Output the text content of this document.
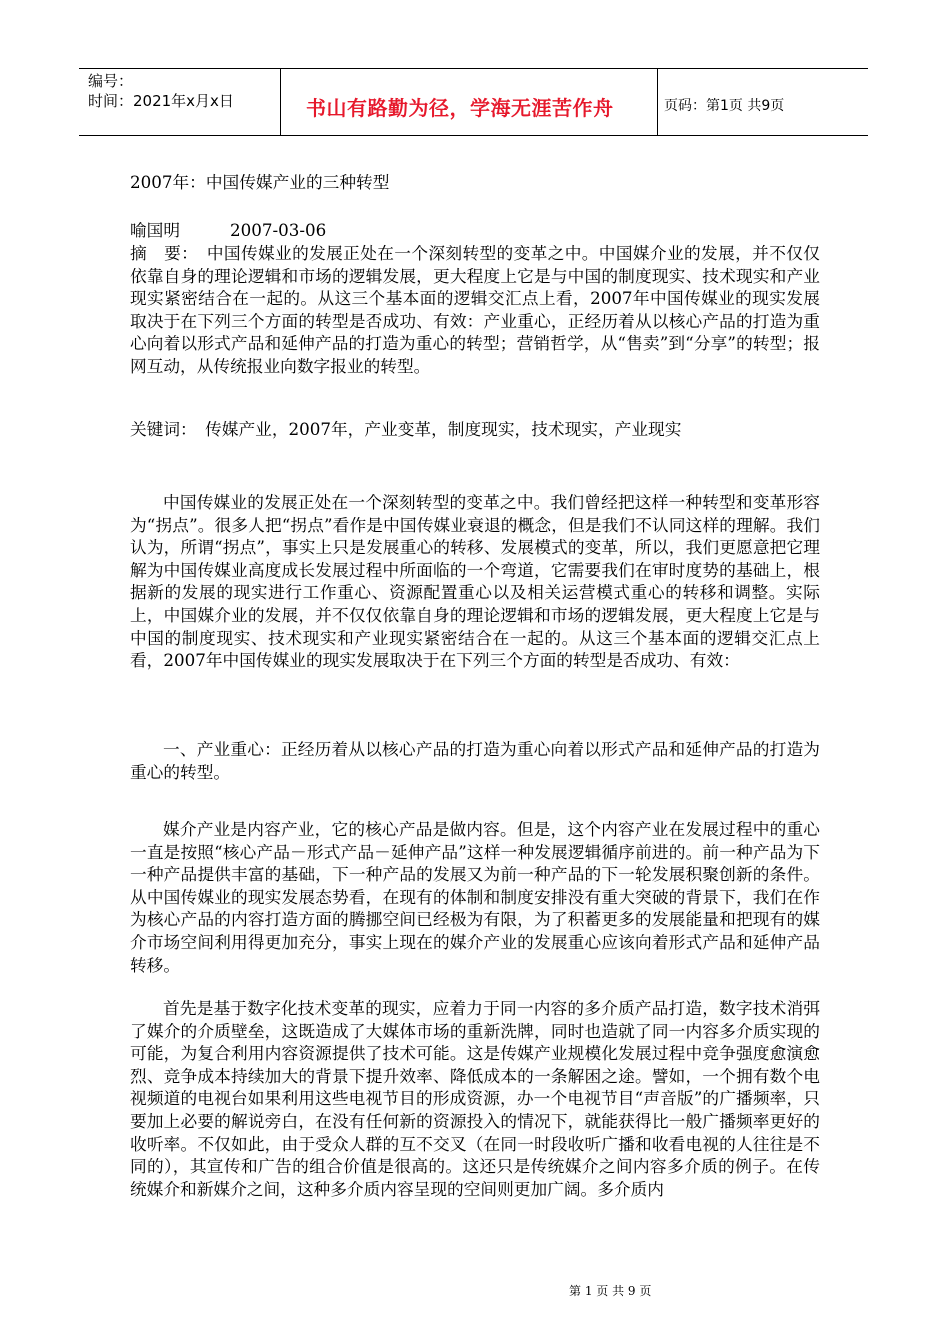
编号：
时间：2021年x月x日	书山有路勤为径，学海无涯苦作舟	页码：第1页 共9页
2007年：中国传媒产业的三种转型
喻国明	2007-03-06
摘　要：　中国传媒业的发展正处在一个深刻转型的变革之中。中国媒介业的发展，并不仅仅依靠自身的理论逻辑和市场的逻辑发展，更大程度上它是与中国的制度现实、技术现实和产业现实紧密结合在一起的。从这三个基本面的逻辑交汇点上看，2007年中国传媒业的现实发展取决于在下列三个方面的转型是否成功、有效：产业重心，正经历着从以核心产品的打造为重心向着以形式产品和延伸产品的打造为重心的转型；营销哲学，从“售卖”到“分享”的转型；报网互动，从传统报业向数字报业的转型。
关键词：　传媒产业，2007年，产业变革，制度现实，技术现实，产业现实
中国传媒业的发展正处在一个深刻转型的变革之中。我们曾经把这样一种转型和变革形容为“拐点”。很多人把“拐点”看作是中国传媒业衰退的概念，但是我们不认同这样的理解。我们认为，所谓“拐点”，事实上只是发展重心的转移、发展模式的变革，所以，我们更愿意把它理解为中国传媒业高度成长发展过程中所面临的一个弯道，它需要我们在审时度势的基础上，根据新的发展的现实进行工作重心、资源配置重心以及相关运营模式重心的转移和调整。实际上，中国媒介业的发展，并不仅仅依靠自身的理论逻辑和市场的逻辑发展，更大程度上它是与中国的制度现实、技术现实和产业现实紧密结合在一起的。从这三个基本面的逻辑交汇点上看，2007年中国传媒业的现实发展取决于在下列三个方面的转型是否成功、有效：
一、产业重心：正经历着从以核心产品的打造为重心向着以形式产品和延伸产品的打造为重心的转型。
媒介产业是内容产业，它的核心产品是做内容。但是，这个内容产业在发展过程中的重心一直是按照“核心产品－形式产品－延伸产品”这样一种发展逻辑循序前进的。前一种产品为下一种产品提供丰富的基础，下一种产品的发展又为前一种产品的下一轮发展积聚创新的条件。从中国传媒业的现实发展态势看，在现有的体制和制度安排没有重大突破的背景下，我们在作为核心产品的内容打造方面的腾挪空间已经极为有限，为了积蓄更多的发展能量和把现有的媒介市场空间利用得更加充分，事实上现在的媒介产业的发展重心应该向着形式产品和延伸产品转移。
首先是基于数字化技术变革的现实，应着力于同一内容的多介质产品打造，数字技术消弭了媒介的介质壁垒，这既造成了大媒体市场的重新洗牌，同时也造就了同一内容多介质实现的可能，为复合利用内容资源提供了技术可能。这是传媒产业规模化发展过程中竞争强度愈演愈烈、竞争成本持续加大的背景下提升效率、降低成本的一条解困之途。譬如，一个拥有数个电视频道的电视台如果利用这些电视节目的形成资源，办一个电视节目“声音版”的广播频率，只要加上必要的解说旁白，在没有任何新的资源投入的情况下，就能获得比一般广播频率更好的收听率。不仅如此，由于受众人群的互不交叉（在同一时段收听广播和收看电视的人往往是不同的），其宣传和广告的组合价值是很高的。这还只是传统媒介之间内容多介质的例子。在传统媒介和新媒介之间，这种多介质内容呈现的空间则更加广阔。多介质内
第 1 页 共 9 页
